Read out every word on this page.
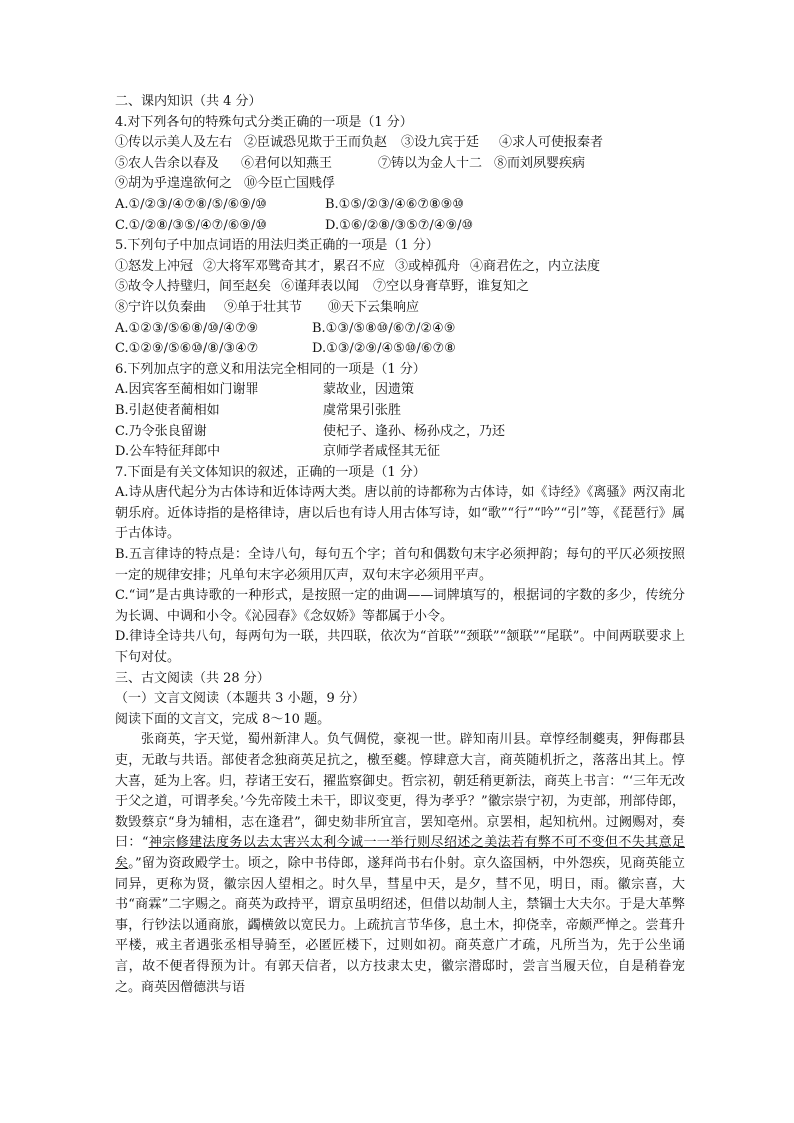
二、课内知识（共 4 分）
4.对下列各句的特殊句式分类正确的一项是（1 分）
①传以示美人及左右 ②臣诚恐见欺于王而负赵 ③设九宾于廷 ④求人可使报秦者
⑤农人告余以春及 ⑥君何以知燕王	⑦铸以为金人十二 ⑧而刘夙婴疾病
⑨胡为乎遑遑欲何之 ⑩今臣亡国贱俘
A.①/②③/④⑦⑧/⑤/⑥⑨/⑩	B.①⑤/②③/④⑥⑦⑧⑨⑩
C.①/②⑧/③⑤/④⑦/⑥⑨/⑩	D.①⑥/②⑧/③⑤⑦/④⑨/⑩
5.下列句子中加点词语的用法归类正确的一项是（1 分）
①怒发上冲冠 ②大将军邓骘奇其才，累召不应 ③或棹孤舟 ④商君佐之，内立法度
⑤故令人持璧归，间至赵矣 ⑥谨拜表以闻 ⑦空以身膏草野，谁复知之
⑧宁许以负秦曲 ⑨单于壮其节 ⑩天下云集响应
A.①②③/⑤⑥⑧/⑩/④⑦⑨	B.①③/⑤⑧⑩/⑥⑦/②④⑨
C.①②⑨/⑤⑥⑩/⑧/③④⑦	D.①③/②⑨/④⑤⑩/⑥⑦⑧
6.下列加点字的意义和用法完全相同的一项是（1 分）
A.因宾客至蔺相如门谢罪	蒙故业，因遗策
B.引赵使者蔺相如	虞常果引张胜
C.乃令张良留谢	使杞子、逢孙、杨孙戍之，乃还
D.公车特征拜郎中	京师学者咸怪其无征
7.下面是有关文体知识的叙述，正确的一项是（1 分）
A.诗从唐代起分为古体诗和近体诗两大类。唐以前的诗都称为古体诗，如《诗经》《离骚》两汉南北朝乐府。近体诗指的是格律诗，唐以后也有诗人用古体写诗，如“歌”“行”“吟”“引”等，《琵琶行》属于古体诗。
B.五言律诗的特点是：全诗八句，每句五个字；首句和偶数句末字必须押韵；每句的平仄必须按照一定的规律安排；凡单句末字必须用仄声，双句末字必须用平声。
C.“词”是古典诗歌的一种形式，是按照一定的曲调——词牌填写的，根据词的字数的多少，传统分为长调、中调和小令。《沁园春》《念奴娇》等都属于小令。
D.律诗全诗共八句，每两句为一联，共四联，依次为“首联”“颈联”“颔联”“尾联”。中间两联要求上下句对仗。
三、古文阅读（共 28 分）
（一）文言文阅读（本题共 3 小题，9 分）
阅读下面的文言文，完成 8～10 题。
张商英，字天觉，蜀州新津人。负气倜傥，豪视一世。辟知南川县。章惇经制夔夷，狎侮郡县吏，无敢与共语。部使者念独商英足抗之，檄至夔。惇肆意大言，商英随机折之，落落出其上。惇大喜，延为上客。归，荐诸王安石，擢监察御史。哲宗初，朝廷稍更新法，商英上书言：“‘三年无改于父之道，可谓孝矣。’今先帝陵土未干，即议变更，得为孝乎？”徽宗崇宁初，为吏部，刑部侍郎，数毁蔡京“身为辅相，志在逢君”，御史劾非所宜言，罢知亳州。京罢相，起知杭州。过阙赐对，奏曰：“神宗修建法度务以去太害兴太利今诚一一举行则尽绍述之美法若有弊不可不变但不失其意足矣。”留为资政殿学士。顷之，除中书侍郎，遂拜尚书右仆射。京久盗国柄，中外怨疾，见商英能立同异，更称为贤，徽宗因人望相之。时久旱，彗星中天，是夕，彗不见，明日，雨。徽宗喜，大书“商霖”二字赐之。商英为政持平，谓京虽明绍述，但借以劫制人主，禁锢士大夫尔。于是大革弊事，行钞法以通商旅，蠲横敛以宽民力。上疏抗言节华侈，息土木，抑侥幸，帝颇严惮之。尝葺升平楼，戒主者遇张丞相导骑至，必匿匠楼下，过则如初。商英意广才疏，凡所当为，先于公坐诵言，故不便者得预为计。有郭天信者，以方技隶太史，徽宗潜邸时，尝言当履天位，自是稍眷宠之。商英因僧德洪与语
